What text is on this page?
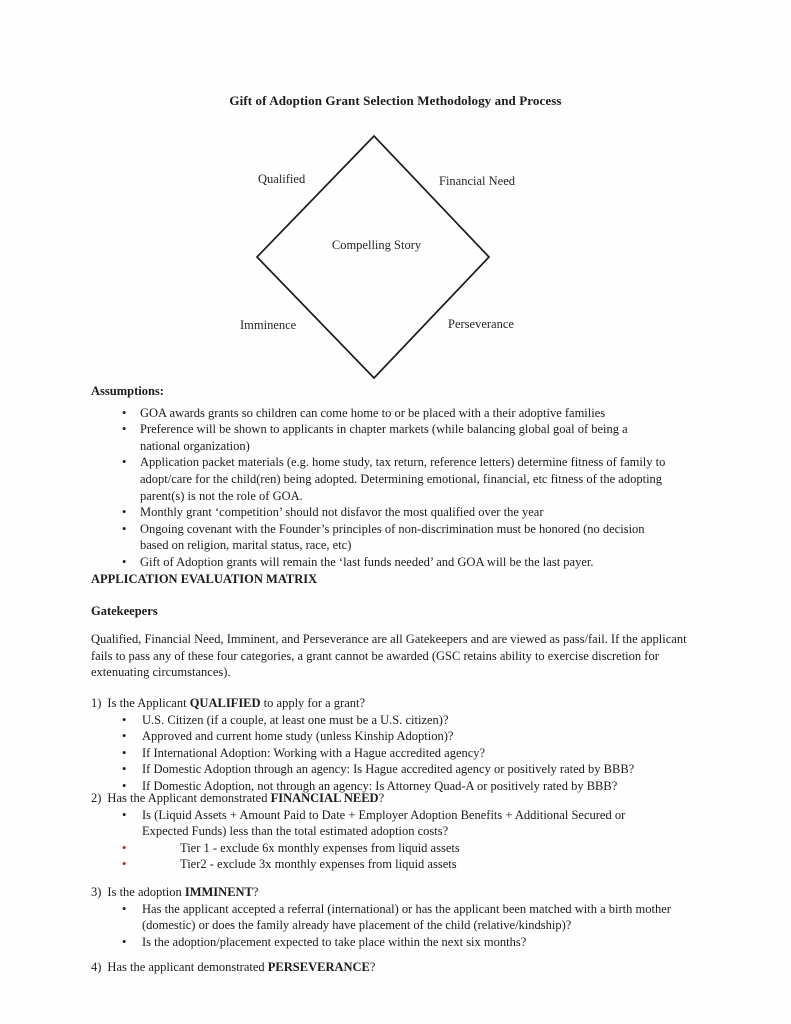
Gift of Adoption Grant Selection Methodology and Process
Qualified	Financial Need
Compelling Story
Imminence	Perseverance
Assumptions:
• GOA awards grants so children can come home to or be placed with a their adoptive families
• Preference will be shown to applicants in chapter markets (while balancing global goal of being a national organization)
• Application packet materials (e.g. home study, tax return, reference letters) determine fitness of family to adopt/care for the child(ren) being adopted. Determining emotional, financial, etc fitness of the adopting parent(s) is not the role of GOA.
• Monthly grant ‘competition’ should not disfavor the most qualified over the year
• Ongoing covenant with the Founder’s principles of non-discrimination must be honored (no decision based on religion, marital status, race, etc)
• Gift of Adoption grants will remain the ‘last funds needed’ and GOA will be the last payer.
APPLICATION EVALUATION MATRIX
Gatekeepers
Qualified, Financial Need, Imminent, and Perseverance are all Gatekeepers and are viewed as pass/fail. If the applicant fails to pass any of these four categories, a grant cannot be awarded (GSC retains ability to exercise discretion for extenuating circumstances).
1) Is the Applicant QUALIFIED to apply for a grant?
• U.S. Citizen (if a couple, at least one must be a U.S. citizen)?
• Approved and current home study (unless Kinship Adoption)?
• If International Adoption: Working with a Hague accredited agency?
• If Domestic Adoption through an agency: Is Hague accredited agency or positively rated by BBB?
• If Domestic Adoption, not through an agency: Is Attorney Quad-A or positively rated by BBB?
2) Has the Applicant demonstrated FINANCIAL NEED?
• Is (Liquid Assets + Amount Paid to Date + Employer Adoption Benefits + Additional Secured or Expected Funds) less than the total estimated adoption costs?
• Tier 1 - exclude 6x monthly expenses from liquid assets
• Tier2 - exclude 3x monthly expenses from liquid assets
3) Is the adoption IMMINENT?
• Has the applicant accepted a referral (international) or has the applicant been matched with a birth mother (domestic) or does the family already have placement of the child (relative/kindship)?
• Is the adoption/placement expected to take place within the next six months?
4) Has the applicant demonstrated PERSEVERANCE?
